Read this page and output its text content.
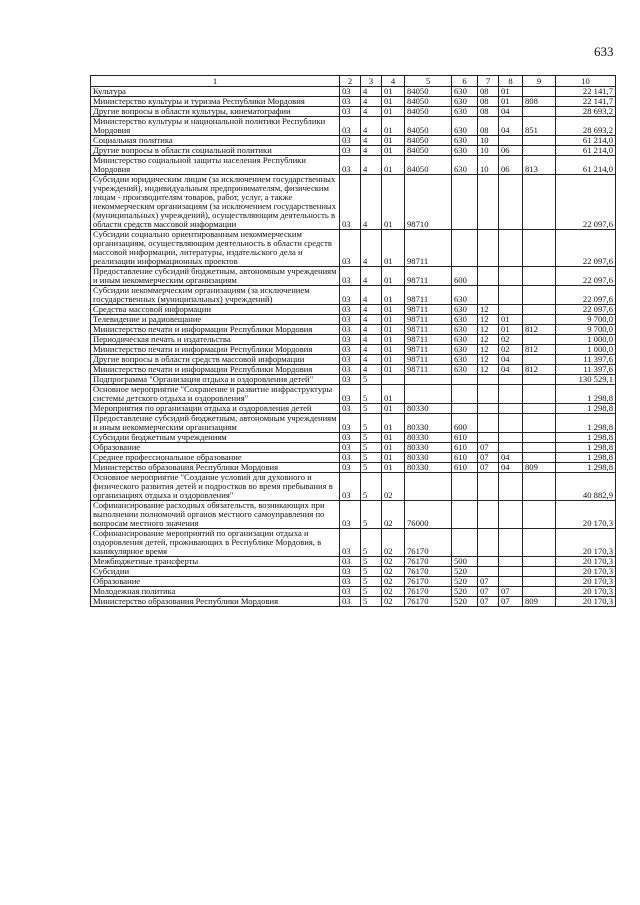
633
1	2	3	4	5	6	7	8	9	10
Культура	03	4	01	84050	630	08	01		22 141,7
Министерство культуры и туризма Республики Мордовия	03	4	01	84050	630	08	01	808	22 141,7
Другие вопросы в области культуры, кинематографии	03	4	01	84050	630	08	04		28 693,2
Министерство культуры и национальной политики Республики Мордовия	03	4	01	84050	630	08	04	851	28 693,2
Социальная политика	03	4	01	84050	630	10			61 214,0
Другие вопросы в области социальной политики	03	4	01	84050	630	10	06		61 214,0
Министерство социальной защиты населения Республики Мордовия	03	4	01	84050	630	10	06	813	61 214,0
Субсидии юридическим лицам (за исключением государственных учреждений), индивидуальным предпринимателям, физическим лицам - производителям товаров, работ, услуг, а также некоммерческим организациям (за исключением государственных (муниципальных) учреждений), осуществляющим деятельность в области средств массовой информации	03	4	01	98710					22 097,6
Субсидии социально ориентированным некоммерческим организациям, осуществляющим деятельность в области средств массовой информации, литературы, издательского дела и реализации информационных проектов	03	4	01	98711					22 097,6
Предоставление субсидий бюджетным, автономным учреждениям и иным некоммерческим организациям	03	4	01	98711	600				22 097,6
Субсидии некоммерческим организациям (за исключением государственных (муниципальных) учреждений)	03	4	01	98711	630				22 097,6
Средства массовой информации	03	4	01	98711	630	12			22 097,6
Телевидение и радиовещание	03	4	01	98711	630	12	01		9 700,0
Министерство печати и информации Республики Мордовия	03	4	01	98711	630	12	01	812	9 700,0
Периодическая печать и издательства	03	4	01	98711	630	12	02		1 000,0
Министерство печати и информации Республики Мордовия	03	4	01	98711	630	12	02	812	1 000,0
Другие вопросы в области средств массовой информации	03	4	01	98711	630	12	04		11 397,6
Министерство печати и информации Республики Мордовия	03	4	01	98711	630	12	04	812	11 397,6
Подпрограмма "Организация отдыха и оздоровления детей"	03	5							130 529,1
Основное мероприятие "Сохранение и развитие инфраструктуры системы детского отдыха и оздоровления"	03	5	01						1 298,8
Мероприятия по организации отдыха и оздоровления детей	03	5	01	80330					1 298,8
Предоставление субсидий бюджетным, автономным учреждениям и иным некоммерческим организациям	03	5	01	80330	600				1 298,8
Субсидии бюджетным учреждениям	03	5	01	80330	610				1 298,8
Образование	03	5	01	80330	610	07			1 298,8
Среднее профессиональное образование	03	5	01	80330	610	07	04		1 298,8
Министерство образования Республики Мордовия	03	5	01	80330	610	07	04	809	1 298,8
Основное мероприятие "Создание условий для духовного и физического развития детей и подростков во время пребывания в организациях отдыха и оздоровления"	03	5	02						40 882,9
Софинансирование расходных обязательств, возникающих при выполнении полномочий органов местного самоуправления по вопросам местного значения	03	5	02	76000					20 170,3
Софинансирование мероприятий по организации отдыха и оздоровления детей, проживающих в Республике Мордовия, в каникулярное время	03	5	02	76170					20 170,3
Межбюджетные трансферты	03	5	02	76170	500				20 170,3
Субсидии	03	5	02	76170	520				20 170,3
Образование	03	5	02	76170	520	07			20 170,3
Молодежная политика	03	5	02	76170	520	07	07		20 170,3
Министерство образования Республики Мордовия	03	5	02	76170	520	07	07	809	20 170,3
